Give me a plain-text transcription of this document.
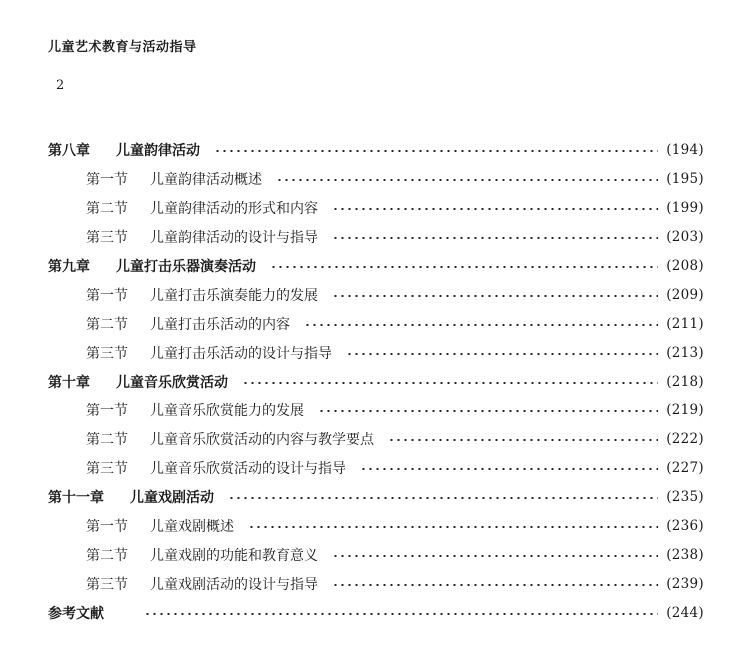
儿童艺术教育与活动指导
2
第八章 儿童韵律活动	(194)
第一节 儿童韵律活动概述	(195)
第二节 儿童韵律活动的形式和内容	(199)
第三节 儿童韵律活动的设计与指导	(203)
第九章 儿童打击乐器演奏活动	(208)
第一节 儿童打击乐演奏能力的发展	(209)
第二节 儿童打击乐活动的内容	(211)
第三节 儿童打击乐活动的设计与指导	(213)
第十章 儿童音乐欣赏活动	(218)
第一节 儿童音乐欣赏能力的发展	(219)
第二节 儿童音乐欣赏活动的内容与教学要点	(222)
第三节 儿童音乐欣赏活动的设计与指导	(227)
第十一章 儿童戏剧活动	(235)
第一节 儿童戏剧概述	(236)
第二节 儿童戏剧的功能和教育意义	(238)
第三节 儿童戏剧活动的设计与指导	(239)
参考文献	(244)
